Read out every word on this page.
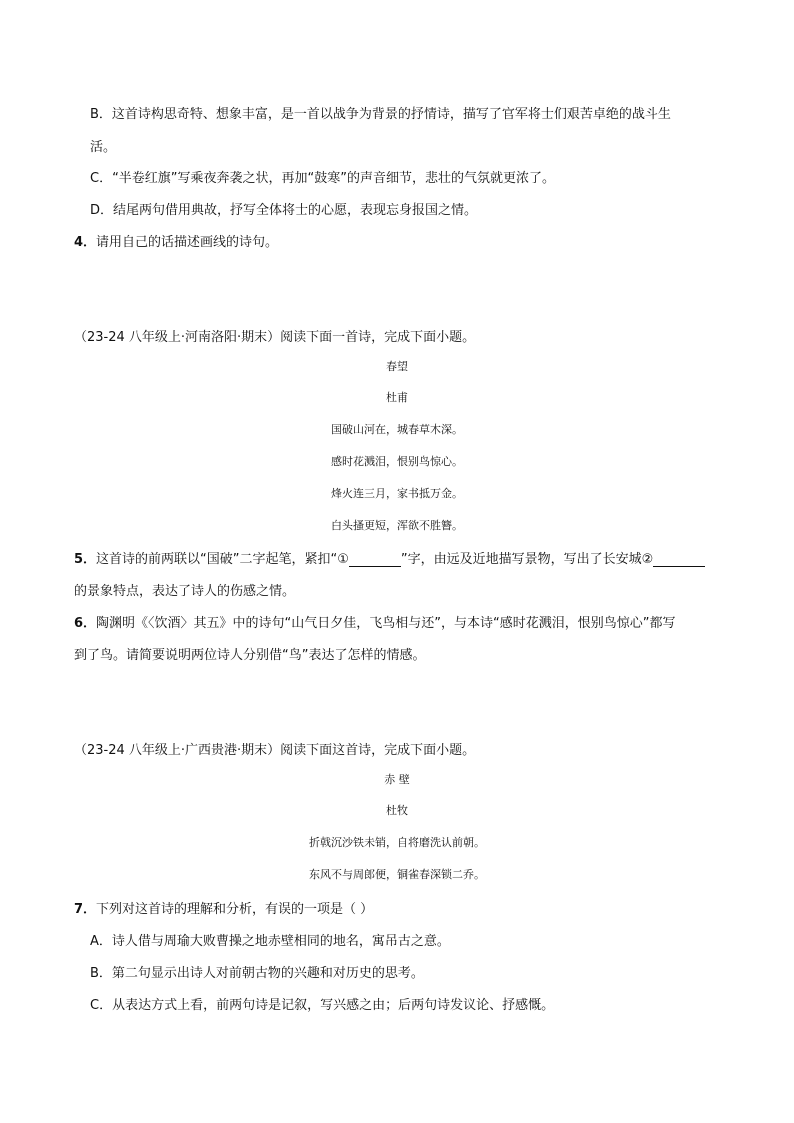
B．这首诗构思奇特、想象丰富，是一首以战争为背景的抒情诗，描写了官军将士们艰苦卓绝的战斗生
活。
C．“半卷红旗”写乘夜奔袭之状，再加“鼓寒”的声音细节，悲壮的气氛就更浓了。
D．结尾两句借用典故，抒写全体将士的心愿，表现忘身报国之情。
4．请用自己的话描述画线的诗句。
（23-24 八年级上·河南洛阳·期末）阅读下面一首诗，完成下面小题。
春望
杜甫
国破山河在，城春草木深。
感时花溅泪，恨别鸟惊心。
烽火连三月，家书抵万金。
白头搔更短，浑欲不胜簪。
5．这首诗的前两联以“国破”二字起笔，紧扣“①	”字，由远及近地描写景物，写出了长安城②
的景象特点，表达了诗人的伤感之情。
6．陶渊明《〈饮酒〉其五》中的诗句“山气日夕佳，飞鸟相与还”，与本诗“感时花溅泪，恨别鸟惊心”都写
到了鸟。请简要说明两位诗人分别借“鸟”表达了怎样的情感。
（23-24 八年级上·广西贵港·期末）阅读下面这首诗，完成下面小题。
赤 壁
杜牧
折戟沉沙铁未销，自将磨洗认前朝。
东风不与周郎便，铜雀春深锁二乔。
7．下列对这首诗的理解和分析，有误的一项是（ ）
A．诗人借与周瑜大败曹操之地赤壁相同的地名，寓吊古之意。
B．第二句显示出诗人对前朝古物的兴趣和对历史的思考。
C．从表达方式上看，前两句诗是记叙，写兴感之由；后两句诗发议论、抒感慨。
